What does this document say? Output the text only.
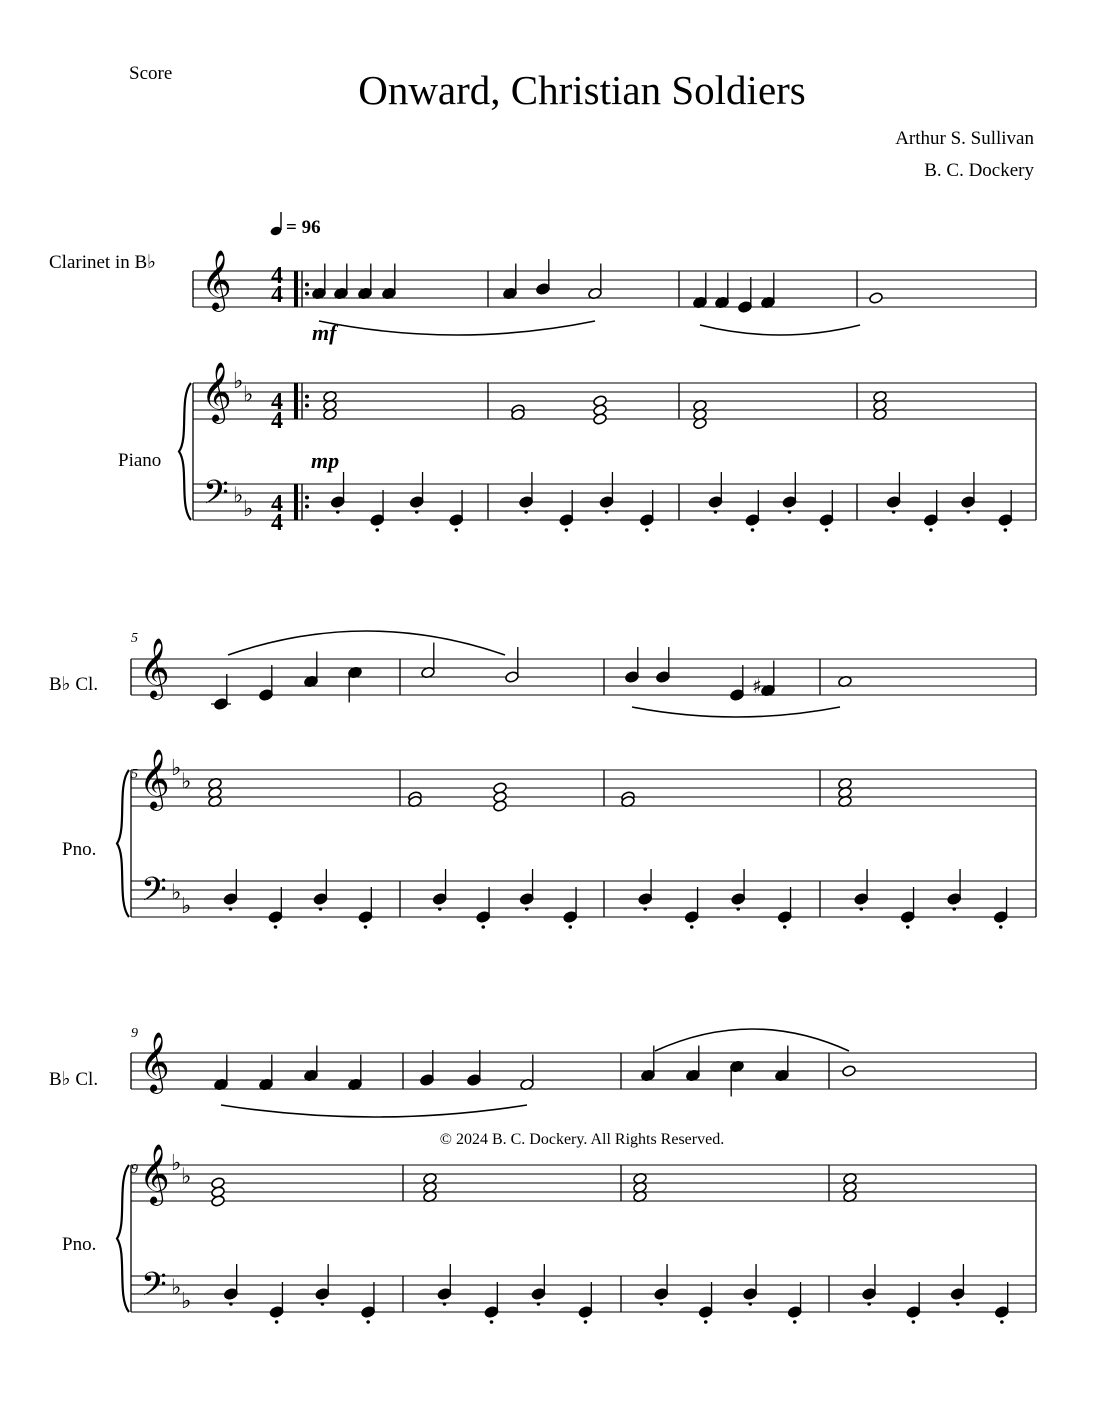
Score	Onward, Christian Soldiers
Arthur S. Sullivan
B. C. Dockery
© 2024 B. C. Dockery. All Rights Reserved.
= 96
Clarinet in B♭
Piano
B♭ Cl.
Pno.
B♭ Cl.
Pno.
5
5
9
9
mf
mp
4
4
4
4
4
4
𝄞
𝄞
𝄢
♭
♭
♭
♭
𝄞
𝄞
𝄢
♭
♭
♭
♭
𝄞
𝄞
𝄢
♭
♭
♭
♭
♯
